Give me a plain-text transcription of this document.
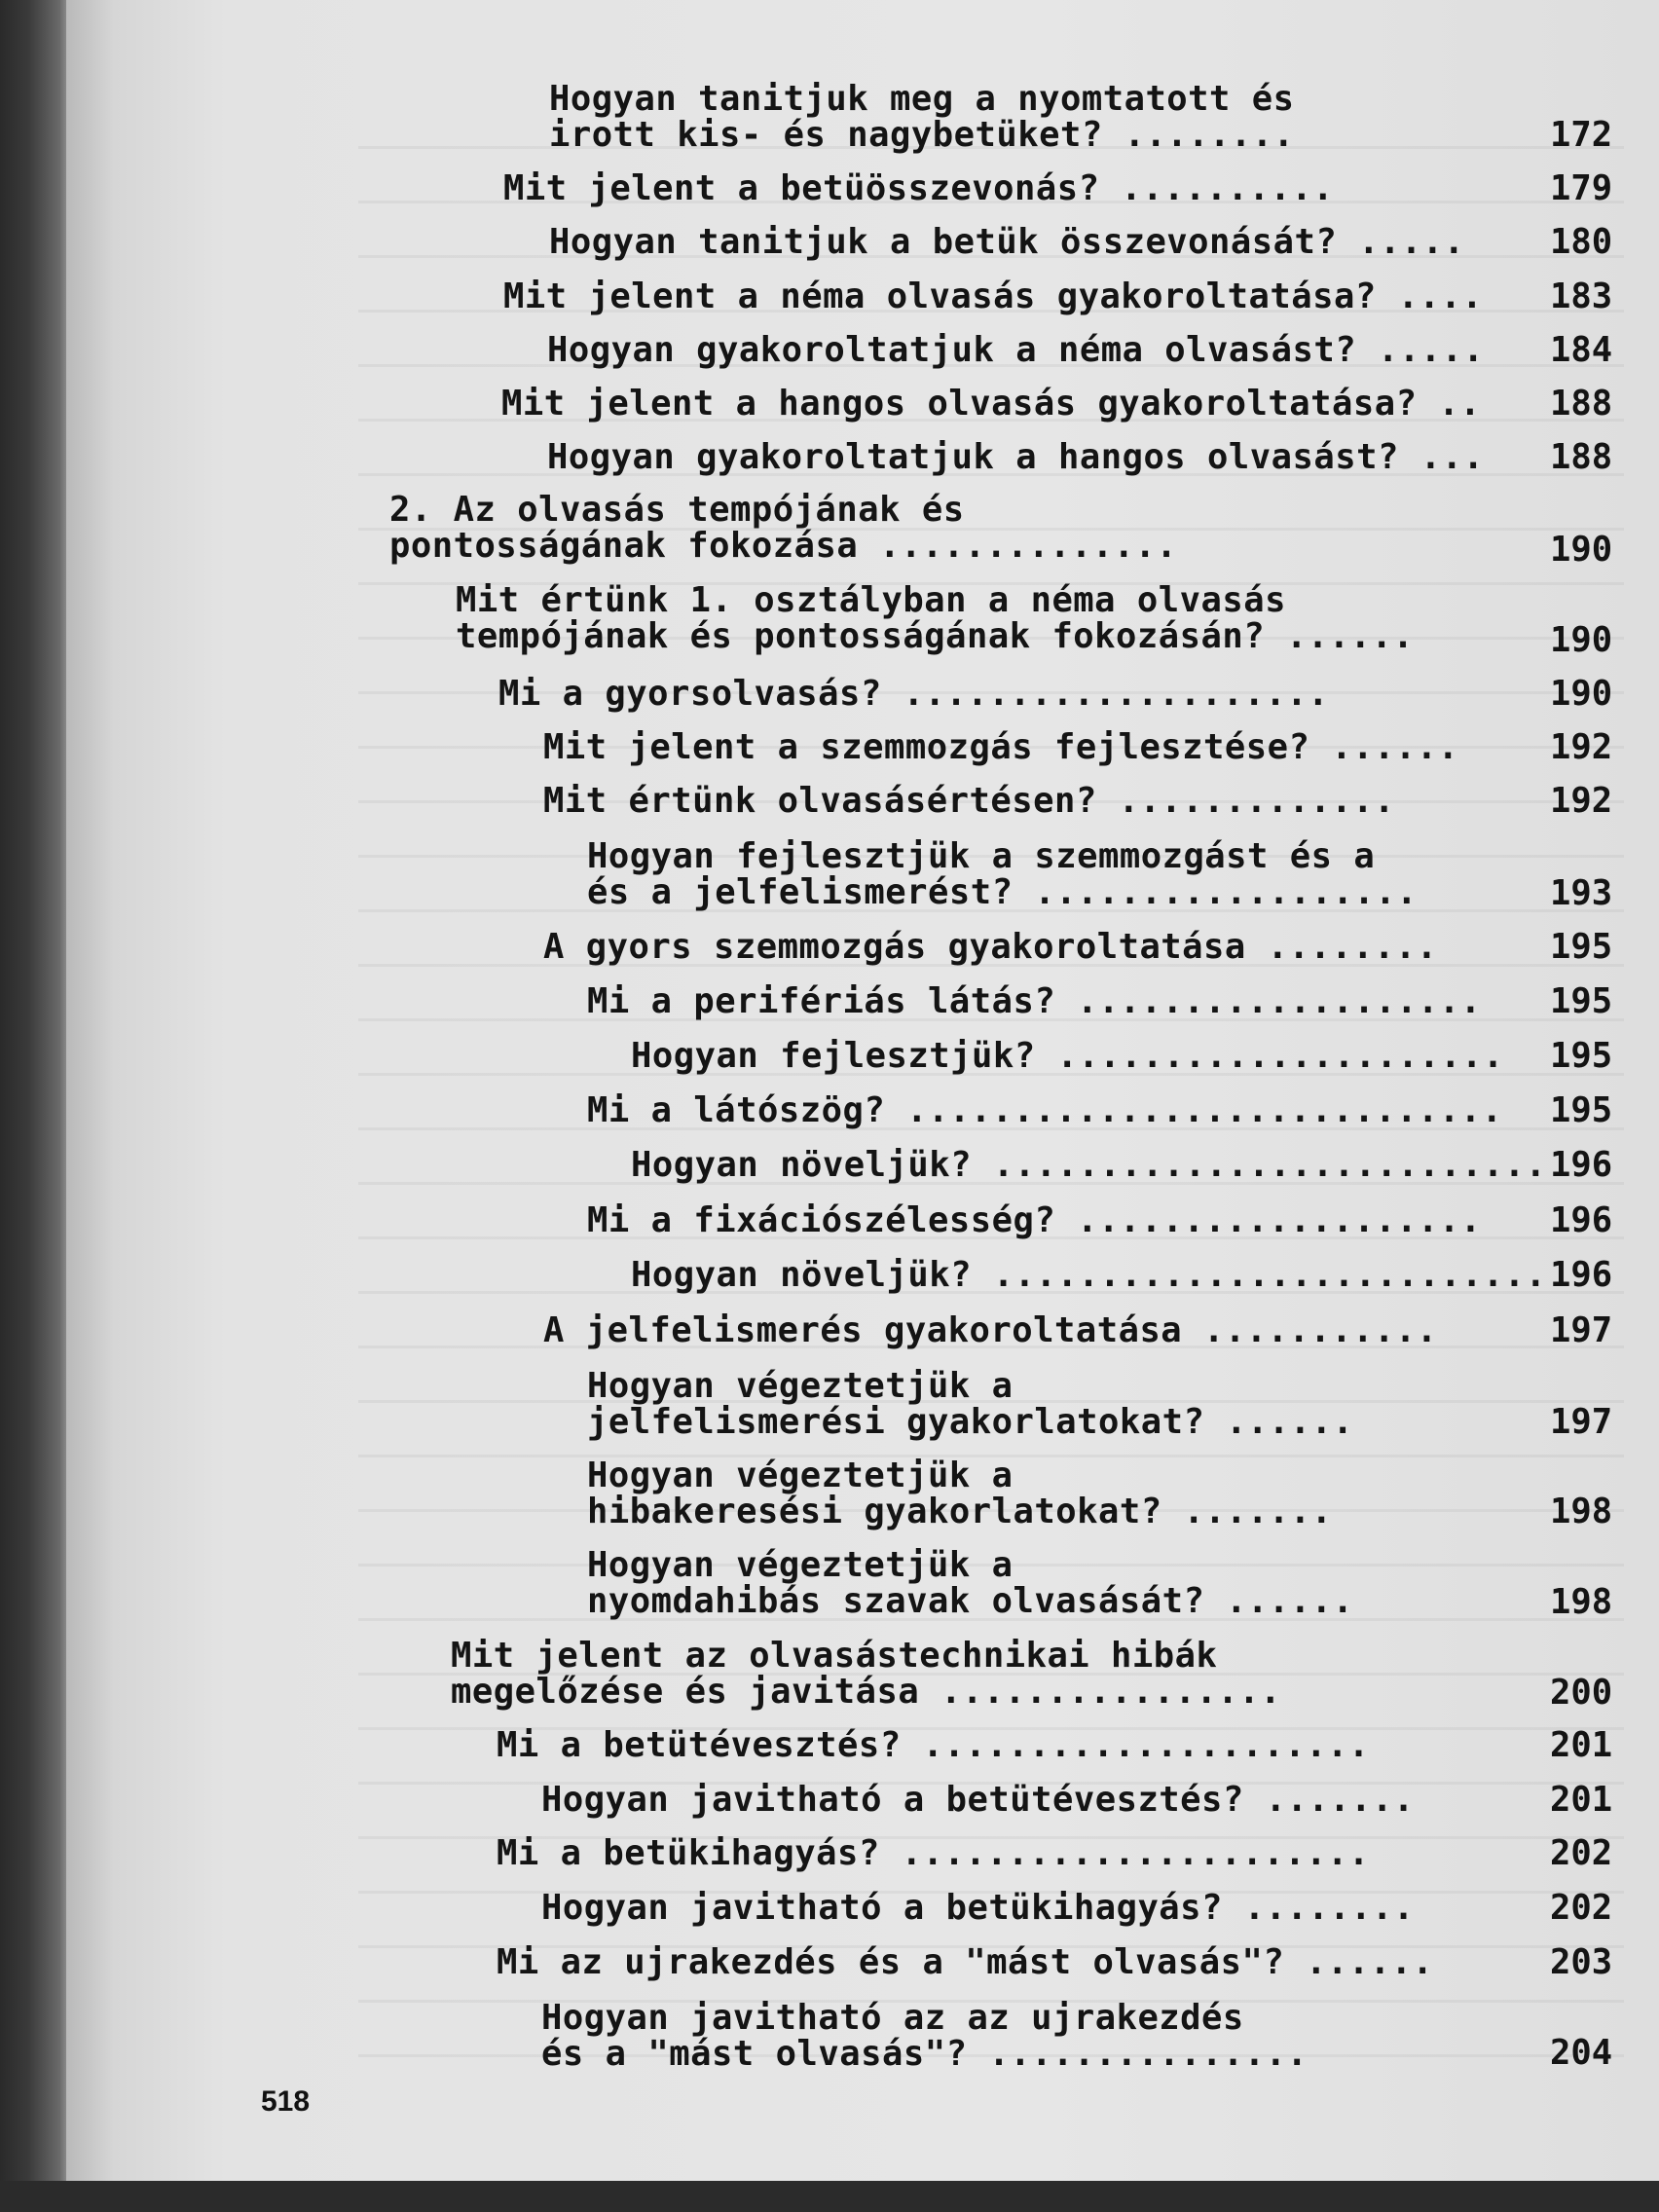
Hogyan tanitjuk meg a nyomtatott és
irott kis- és nagybetüket? ........	172
Mit jelent a betüösszevonás? ..........	179
Hogyan tanitjuk a betük összevonását? ..... 180
Mit jelent a néma olvasás gyakoroltatása? .... 183
Hogyan gyakoroltatjuk a néma olvasást? ..... 184
Mit jelent a hangos olvasás gyakoroltatása? .. 188
Hogyan gyakoroltatjuk a hangos olvasást? ... 188
2. Az olvasás tempójának és
pontosságának fokozása ..............	190
Mit értünk 1. osztályban a néma olvasás
tempójának és pontosságának fokozásán? ......	190
Mi a gyorsolvasás? ....................	190
Mit jelent a szemmozgás fejlesztése? ......	192
Mit értünk olvasásértésen? .............	192
Hogyan fejlesztjük a szemmozgást és a
és a jelfelismerést? ..................	193
A gyors szemmozgás gyakoroltatása ........	195
Mi a perifériás látás? ................... 195
Hogyan fejlesztjük? ..................... 195
Mi a látószög? ............................ 195
Hogyan növeljük? .......................... 196
Mi a fixációszélesség? ................... 196
Hogyan növeljük? .......................... 196
A jelfelismerés gyakoroltatása ...........	197
Hogyan végeztetjük a
jelfelismerési gyakorlatokat? ......	197
Hogyan végeztetjük a
hibakeresési gyakorlatokat? .......	198
Hogyan végeztetjük a
nyomdahibás szavak olvasását? ......	198
Mit jelent az olvasástechnikai hibák
megelőzése és javitása ................	200
Mi a betütévesztés? .....................	201
Hogyan javitható a betütévesztés? .......	201
Mi a betükihagyás? ......................	202
Hogyan javitható a betükihagyás? ........	202
Mi az ujrakezdés és a "mást olvasás"? ......	203
Hogyan javitható az az ujrakezdés
és a "mást olvasás"? ...............	204
518
